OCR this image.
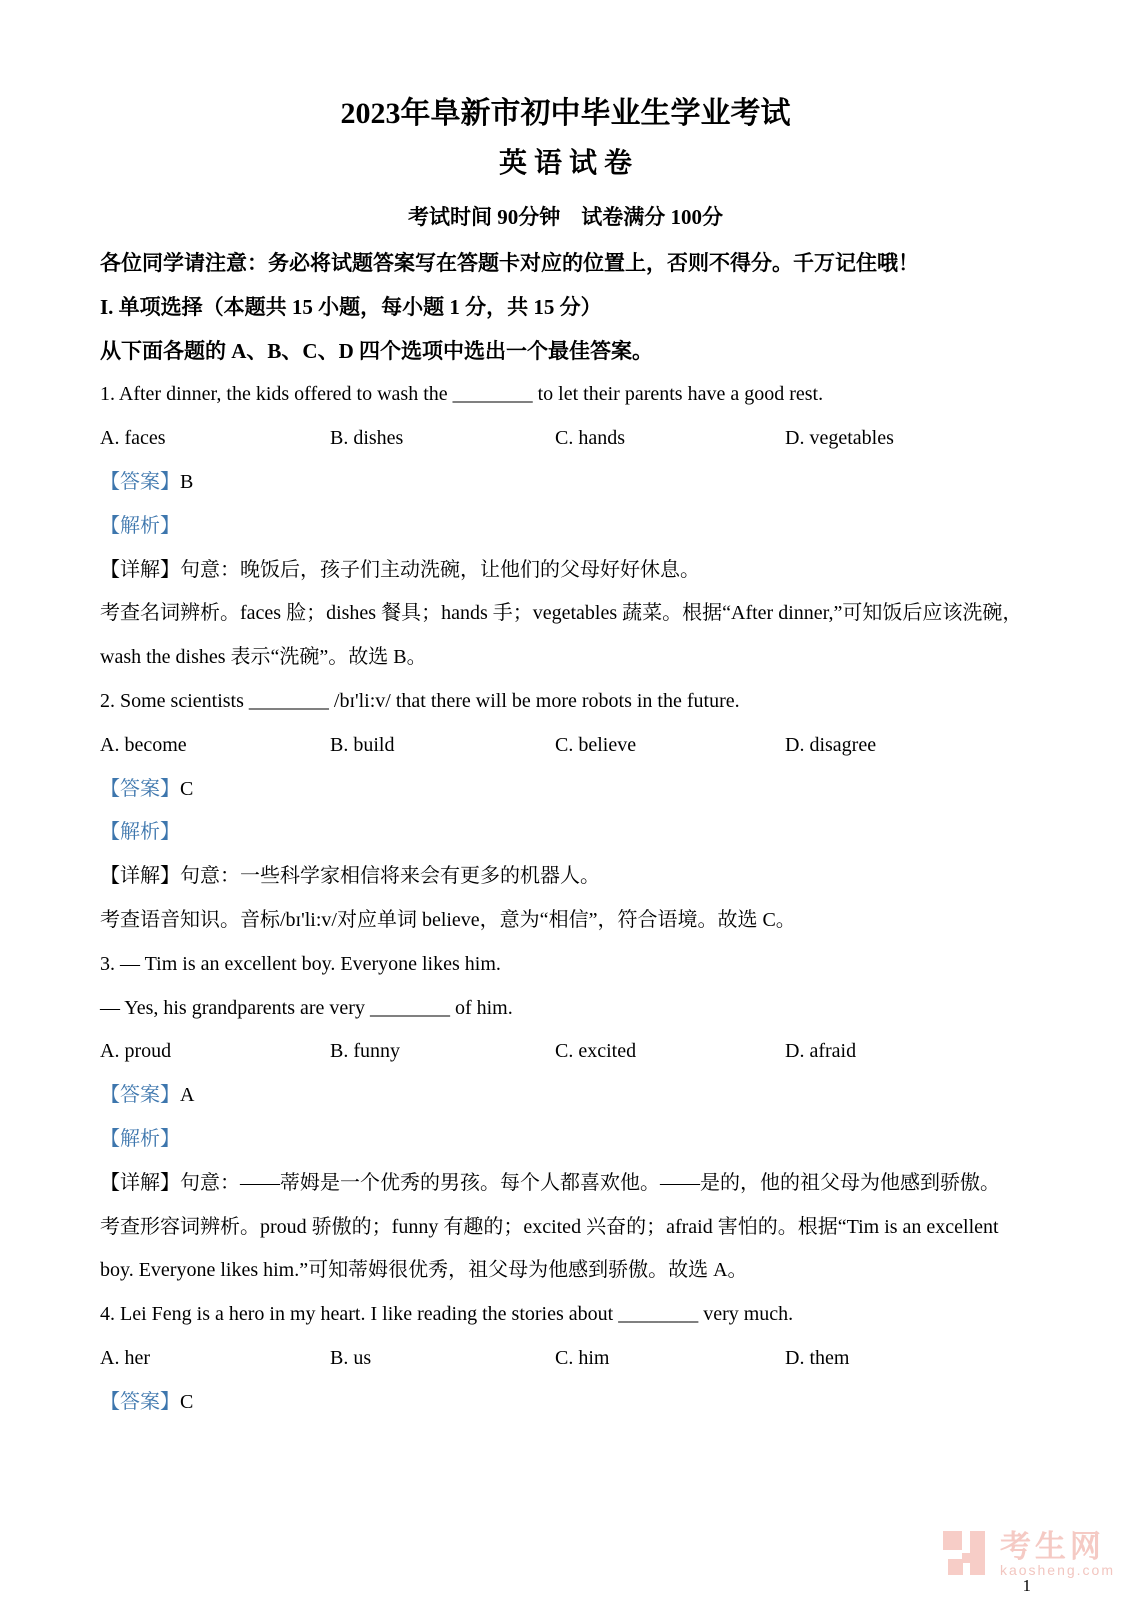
2023年阜新市初中毕业生学业考试
英 语 试 卷
考试时间 90分钟　试卷满分 100分
各位同学请注意：务必将试题答案写在答题卡对应的位置上，否则不得分。千万记住哦！
I. 单项选择（本题共 15 小题，每小题 1 分，共 15 分）
从下面各题的 A、B、C、D 四个选项中选出一个最佳答案。
1. After dinner, the kids offered to wash the ________ to let their parents have a good rest.
A. faces	B. dishes	C. hands	D. vegetables
【答案】B
【解析】
【详解】句意：晚饭后，孩子们主动洗碗，让他们的父母好好休息。
考查名词辨析。faces 脸；dishes 餐具；hands 手；vegetables 蔬菜。根据“After dinner,”可知饭后应该洗碗，
wash the dishes 表示“洗碗”。故选 B。
2. Some scientists ________ /bɪ'li:v/ that there will be more robots in the future.
A. become	B. build	C. believe	D. disagree
【答案】C
【解析】
【详解】句意：一些科学家相信将来会有更多的机器人。
考查语音知识。音标/bɪ'li:v/对应单词 believe，意为“相信”，符合语境。故选 C。
3. — Tim is an excellent boy. Everyone likes him.
— Yes, his grandparents are very ________ of him.
A. proud	B. funny	C. excited	D. afraid
【答案】A
【解析】
【详解】句意：——蒂姆是一个优秀的男孩。每个人都喜欢他。——是的，他的祖父母为他感到骄傲。
考查形容词辨析。proud 骄傲的；funny 有趣的；excited 兴奋的；afraid 害怕的。根据“Tim is an excellent
boy. Everyone likes him.”可知蒂姆很优秀，祖父母为他感到骄傲。故选 A。
4. Lei Feng is a hero in my heart. I like reading the stories about ________ very much.
A. her	B. us	C. him	D. them
【答案】C
考生网
kaosheng.com
1
